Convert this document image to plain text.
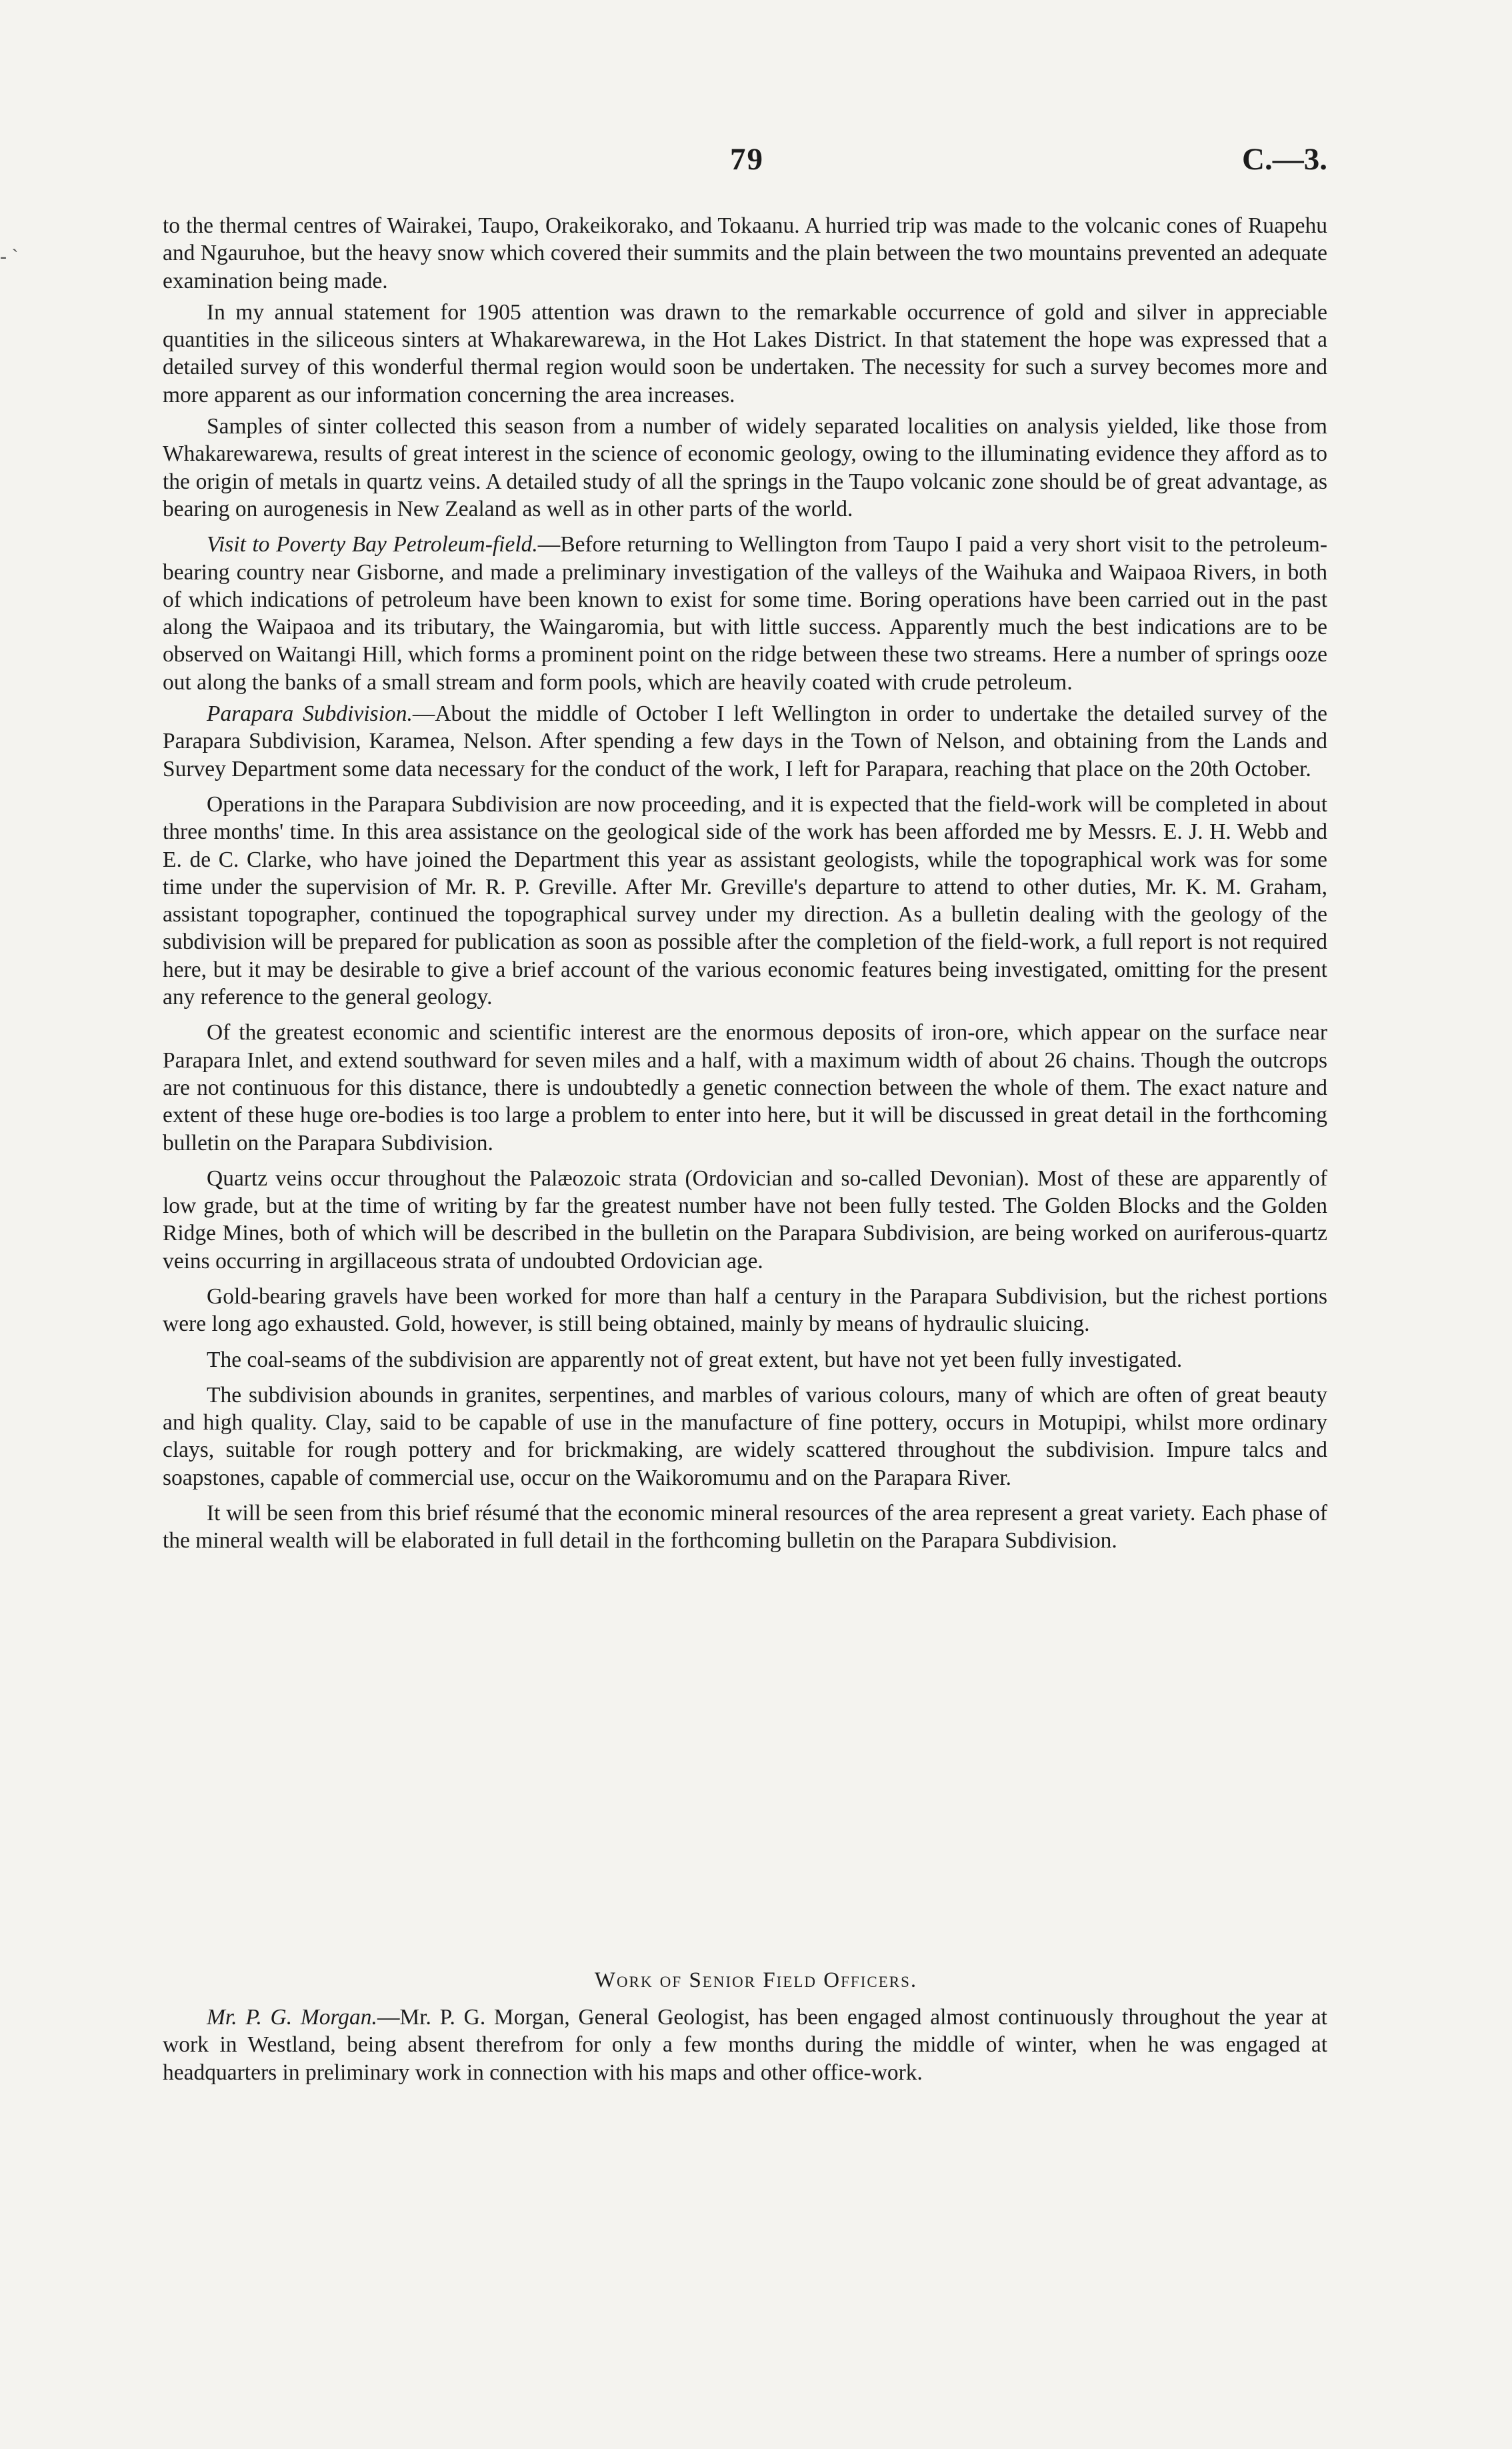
79	C.—3.
- ˋ

to the thermal centres of Wairakei, Taupo, Orakeikorako, and Tokaanu. A hurried trip was made to the volcanic cones of Ruapehu and Ngauruhoe, but the heavy snow which covered their summits and the plain between the two mountains prevented an adequate examination being made.

In my annual statement for 1905 attention was drawn to the remarkable occurrence of gold and silver in appreciable quantities in the siliceous sinters at Whakarewarewa, in the Hot Lakes District. In that statement the hope was expressed that a detailed survey of this wonderful thermal region would soon be undertaken. The necessity for such a survey becomes more and more apparent as our information concerning the area increases.

Samples of sinter collected this season from a number of widely separated localities on analysis yielded, like those from Whakarewarewa, results of great interest in the science of economic geology, owing to the illuminating evidence they afford as to the origin of metals in quartz veins. A detailed study of all the springs in the Taupo volcanic zone should be of great advantage, as bearing on aurogenesis in New Zealand as well as in other parts of the world.

Visit to Poverty Bay Petroleum-field.—Before returning to Wellington from Taupo I paid a very short visit to the petroleum-bearing country near Gisborne, and made a preliminary investigation of the valleys of the Waihuka and Waipaoa Rivers, in both of which indications of petroleum have been known to exist for some time. Boring operations have been carried out in the past along the Waipaoa and its tributary, the Waingaromia, but with little success. Apparently much the best indications are to be observed on Waitangi Hill, which forms a prominent point on the ridge between these two streams. Here a number of springs ooze out along the banks of a small stream and form pools, which are heavily coated with crude petroleum.

Parapara Subdivision.—About the middle of October I left Wellington in order to undertake the detailed survey of the Parapara Subdivision, Karamea, Nelson. After spending a few days in the Town of Nelson, and obtaining from the Lands and Survey Department some data necessary for the conduct of the work, I left for Parapara, reaching that place on the 20th October.

Operations in the Parapara Subdivision are now proceeding, and it is expected that the field-work will be completed in about three months' time. In this area assistance on the geological side of the work has been afforded me by Messrs. E. J. H. Webb and E. de C. Clarke, who have joined the Department this year as assistant geologists, while the topographical work was for some time under the supervision of Mr. R. P. Greville. After Mr. Greville's departure to attend to other duties, Mr. K. M. Graham, assistant topographer, continued the topographical survey under my direction. As a bulletin dealing with the geology of the subdivision will be prepared for publication as soon as possible after the completion of the field-work, a full report is not required here, but it may be desirable to give a brief account of the various economic features being investigated, omitting for the present any reference to the general geology.

Of the greatest economic and scientific interest are the enormous deposits of iron-ore, which appear on the surface near Parapara Inlet, and extend southward for seven miles and a half, with a maximum width of about 26 chains. Though the outcrops are not continuous for this distance, there is undoubtedly a genetic connection between the whole of them. The exact nature and extent of these huge ore-bodies is too large a problem to enter into here, but it will be discussed in great detail in the forthcoming bulletin on the Parapara Subdivision.

Quartz veins occur throughout the Palæozoic strata (Ordovician and so-called Devonian). Most of these are apparently of low grade, but at the time of writing by far the greatest number have not been fully tested. The Golden Blocks and the Golden Ridge Mines, both of which will be described in the bulletin on the Parapara Subdivision, are being worked on auriferous-quartz veins occurring in argillaceous strata of undoubted Ordovician age.

Gold-bearing gravels have been worked for more than half a century in the Parapara Subdivision, but the richest portions were long ago exhausted. Gold, however, is still being obtained, mainly by means of hydraulic sluicing.

The coal-seams of the subdivision are apparently not of great extent, but have not yet been fully investigated.

The subdivision abounds in granites, serpentines, and marbles of various colours, many of which are often of great beauty and high quality. Clay, said to be capable of use in the manufacture of fine pottery, occurs in Motupipi, whilst more ordinary clays, suitable for rough pottery and for brickmaking, are widely scattered throughout the subdivision. Impure talcs and soapstones, capable of commercial use, occur on the Waikoromumu and on the Parapara River.

It will be seen from this brief résumé that the economic mineral resources of the area represent a great variety. Each phase of the mineral wealth will be elaborated in full detail in the forthcoming bulletin on the Parapara Subdivision.

Work of Senior Field Officers.

Mr. P. G. Morgan.—Mr. P. G. Morgan, General Geologist, has been engaged almost continuously throughout the year at work in Westland, being absent therefrom for only a few months during the middle of winter, when he was engaged at headquarters in preliminary work in connection with his maps and other office-work.
